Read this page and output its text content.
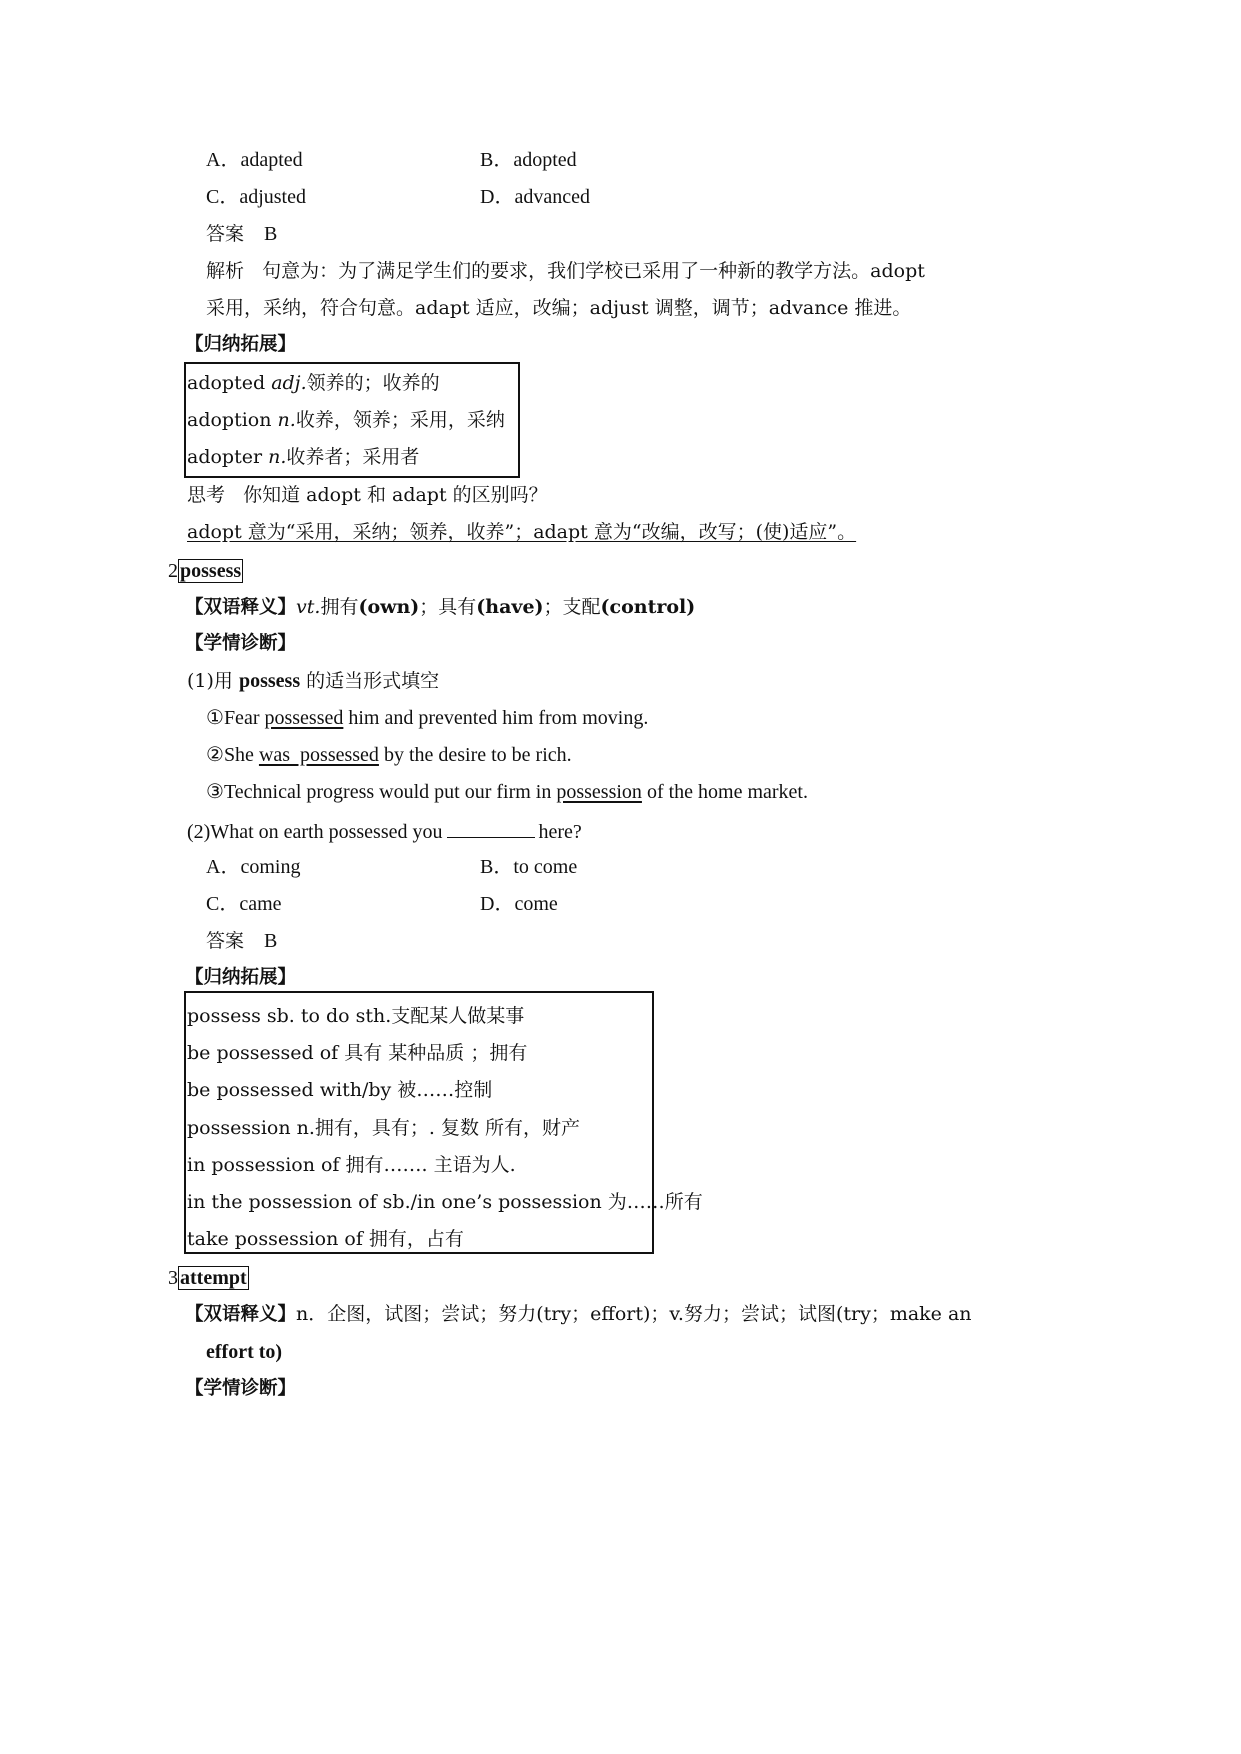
A．adapted	B．adopted
C．adjusted	D．advanced
答案 B
解析 句意为：为了满足学生们的要求，我们学校已采用了一种新的教学方法。adopt
采用，采纳，符合句意。adapt 适应，改编；adjust 调整，调节；advance 推进。
【归纳拓展】
adopted adj.领养的；收养的
adoption n.收养，领养；采用，采纳
adopter n.收养者；采用者
思考 你知道 adopt 和 adapt 的区别吗？
adopt 意为“采用，采纳；领养，收养”；adapt 意为“改编，改写；(使)适应”。
2 possess
【双语释义】vt.拥有(own)；具有(have)；支配(control)
【学情诊断】
(1)用 possess 的适当形式填空
①Fear possessed him and prevented him from moving.
②She was  possessed by the desire to be rich.
③Technical progress would put our firm in possession of the home market.
(2)What on earth possessed you	here?
A．coming	B．to come
C．came	D．come
答案 B
【归纳拓展】
possess sb. to do sth.支配某人做某事
be possessed of 具有 某种品质 ；拥有
be possessed with/by 被……控制
possession n.拥有，具有；. 复数 所有，财产
in possession of 拥有……. 主语为人.
in the possession of sb./in one’s possession 为……所有
take possession of 拥有，占有
3 attempt
【双语释义】n．企图，试图；尝试；努力(try；effort)；v.努力；尝试；试图(try；make an
effort to)
【学情诊断】
